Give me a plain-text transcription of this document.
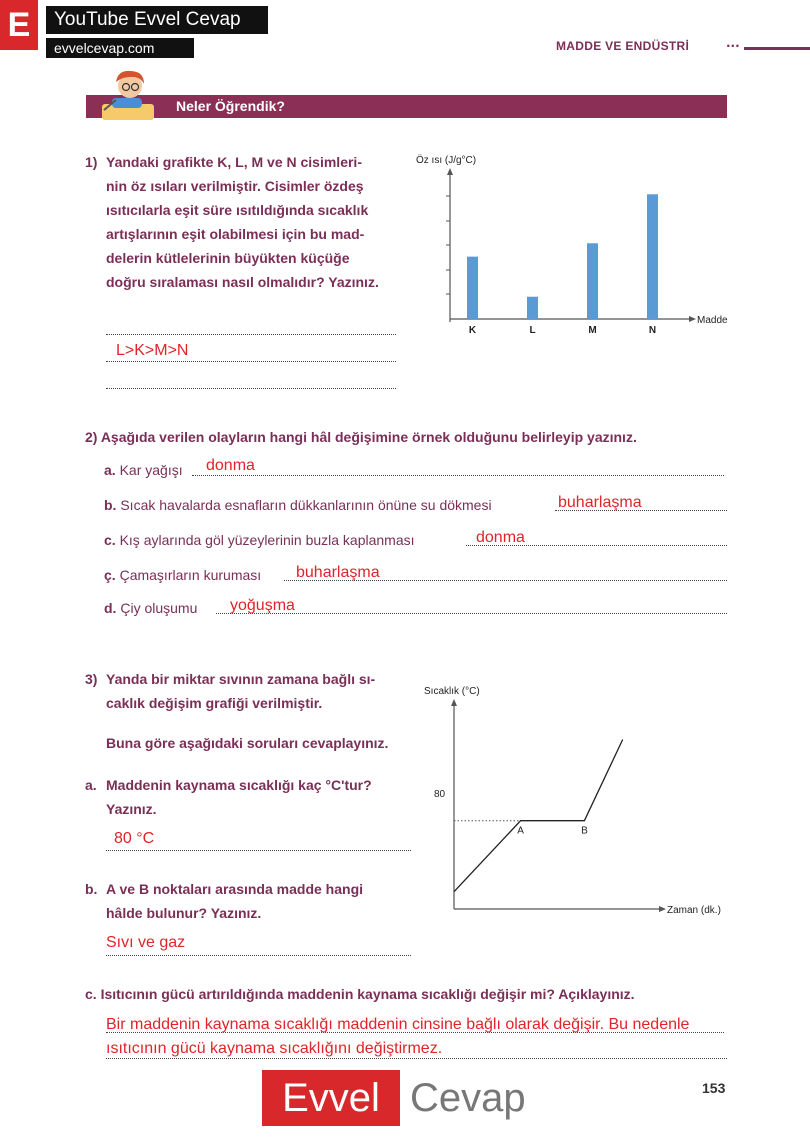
E	YouTube Evvel Cevap
evvelcevap.com	MADDE VE ENDÜSTRİ	...
Neler Öğrendik?
1) Yandaki grafikte K, L, M ve N cisimleri-
nin öz ısıları verilmiştir. Cisimler özdeş
ısıtıcılarla eşit süre ısıtıldığında sıcaklık
artışlarının eşit olabilmesi için bu mad-
delerin kütlelerinin büyükten küçüğe
doğru sıralaması nasıl olmalıdır? Yazınız.
L>K>M>N
Öz ısı (J/g°C)
K	L	M	N
Madde
2) Aşağıda verilen olayların hangi hâl değişimine örnek olduğunu belirleyip yazınız.
a. Kar yağışı donma
b. Sıcak havalarda esnafların dükkanlarının önüne su dökmesi	buharlaşma
c. Kış aylarında göl yüzeylerinin buzla kaplanması	donma
ç. Çamaşırların kuruması buharlaşma
d. Çiy oluşumu yoğuşma
3) Yanda bir miktar sıvının zamana bağlı sı-
caklık değişim grafiği verilmiştir.
Buna göre aşağıdaki soruları cevaplayınız.
a. Maddenin kaynama sıcaklığı kaç °C'tur?
Yazınız.
80 °C
b. A ve B noktaları arasında madde hangi
hâlde bulunur? Yazınız.
Sıvı ve gaz
Sıcaklık (°C)
80
A	B
Zaman (dk.)
c. Isıtıcının gücü artırıldığında maddenin kaynama sıcaklığı değişir mi? Açıklayınız.
Bir maddenin kaynama sıcaklığı maddenin cinsine bağlı olarak değişir. Bu nedenle
ısıtıcının gücü kaynama sıcaklığını değiştirmez.
Evvel Cevap	153
